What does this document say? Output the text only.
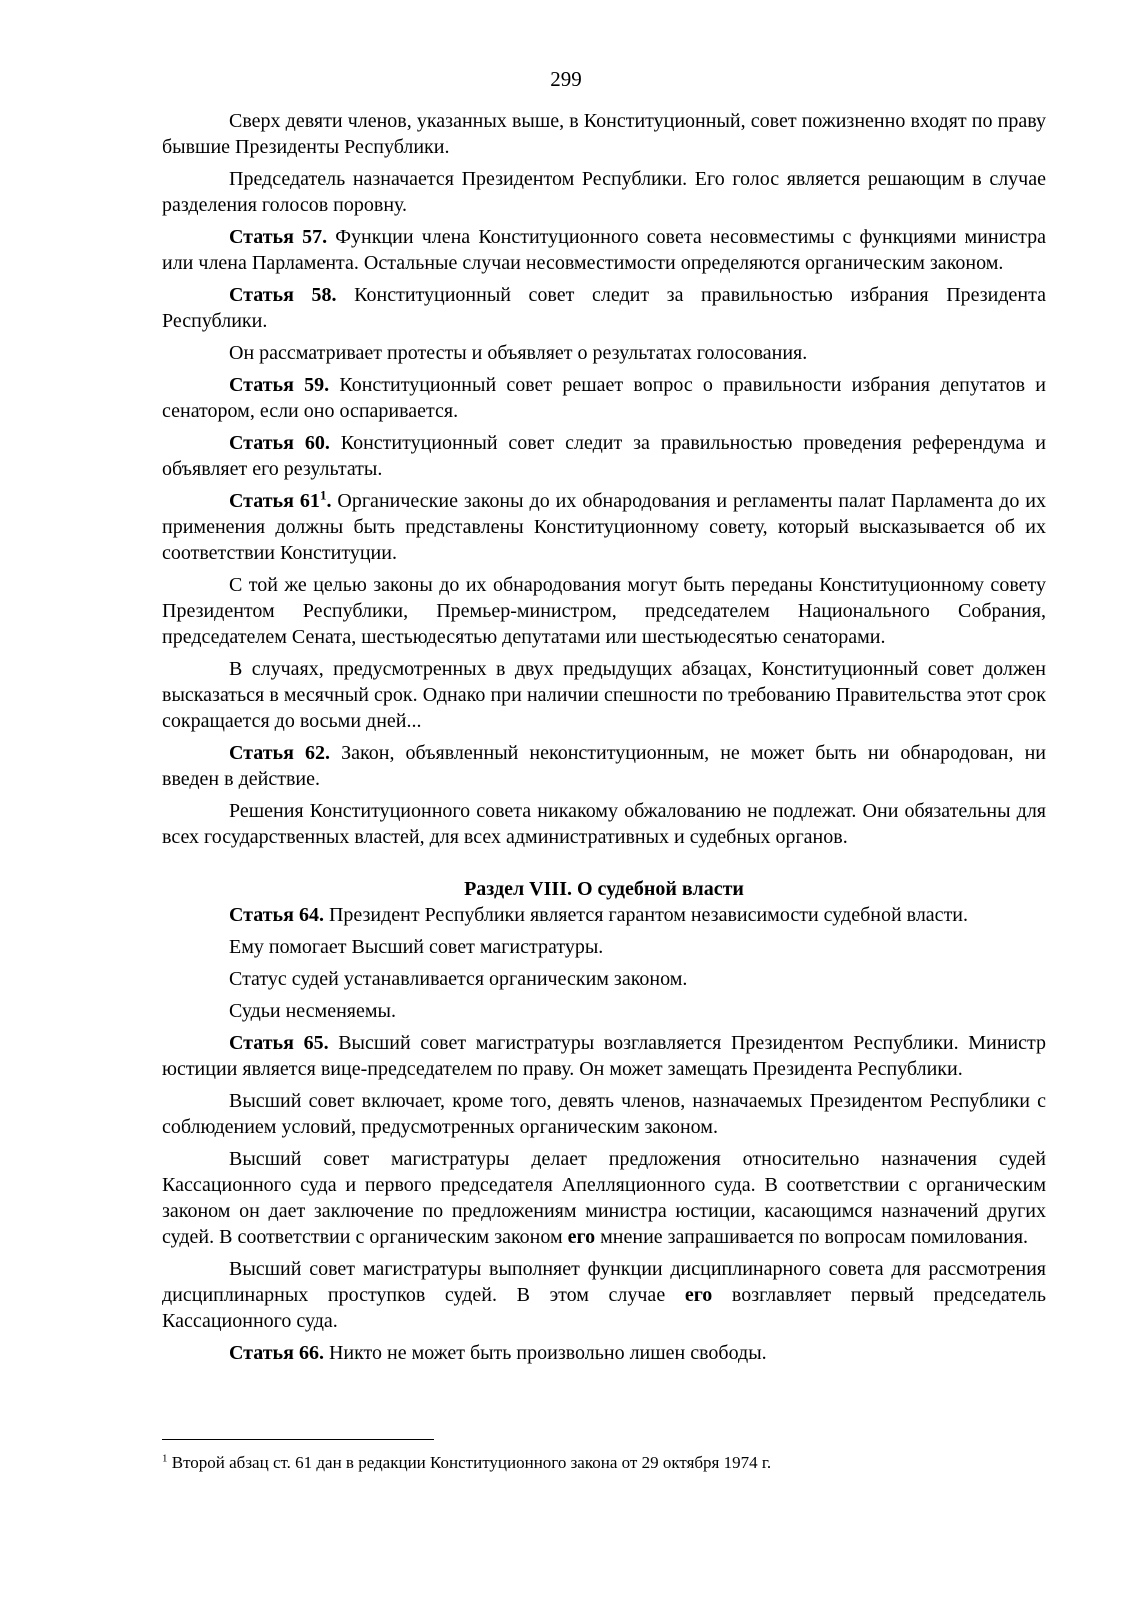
299

Сверх девяти членов, указанных выше, в Конституционный, совет пожизненно входят по праву бывшие Президенты Республики.

Председатель назначается Президентом Республики. Его голос является решающим в случае разделения голосов поровну.

Статья 57. Функции члена Конституционного совета несовместимы с функциями министра или члена Парламента. Остальные случаи несовместимости определяются органическим законом.

Статья 58. Конституционный совет следит за правильностью избрания Президента Республики.

Он рассматривает протесты и объявляет о результатах голосования.

Статья 59. Конституционный совет решает вопрос о правильности избрания депутатов и сенатором, если оно оспаривается.

Статья 60. Конституционный совет следит за правильностью проведения референдума и объявляет его результаты.

Статья $61^1$. Органические законы до их обнародования и регламенты палат Парламента до их применения должны быть представлены Конституционному совету, который высказывается об их соответствии Конституции.

С той же целью законы до их обнародования могут быть переданы Конституционному совету Президентом Республики, Премьер-министром, председателем Национального Собрания, председателем Сената, шестьюдесятью депутатами или шестьюдесятью сенаторами.

В случаях, предусмотренных в двух предыдущих абзацах, Конституционный совет должен высказаться в месячный срок. Однако при наличии спешности по требованию Правительства этот срок сокращается до восьми дней...

Статья 62. Закон, объявленный неконституционным, не может быть ни обнародован, ни введен в действие.

Решения Конституционного совета никакому обжалованию не подлежат. Они обязательны для всех государственных властей, для всех административных и судебных органов.

Раздел VIII. О судебной власти

Статья 64. Президент Республики является гарантом независимости судебной власти.

Ему помогает Высший совет магистратуры.

Статус судей устанавливается органическим законом.

Судьи несменяемы.

Статья 65. Высший совет магистратуры возглавляется Президентом Республики. Министр юстиции является вице-председателем по праву. Он может замещать Президента Республики.

Высший совет включает, кроме того, девять членов, назначаемых Президентом Республики с соблюдением условий, предусмотренных органическим законом.

Высший совет магистратуры делает предложения относительно назначения судей Кассационного суда и первого председателя Апелляционного суда. В соответствии с органическим законом он дает заключение по предложениям министра юстиции, касающимся назначений других судей. В соответствии с органическим законом его мнение запрашивается по вопросам помилования.

Высший совет магистратуры выполняет функции дисциплинарного совета для рассмотрения дисциплинарных проступков судей. В этом случае его возглавляет первый председатель Кассационного суда.

Статья 66. Никто не может быть произвольно лишен свободы.

$^1$ Второй абзац ст. 61 дан в редакции Конституционного закона от 29 октября 1974 г.
